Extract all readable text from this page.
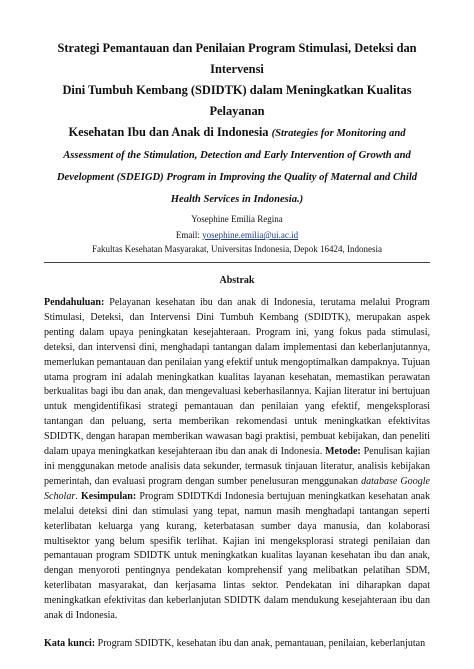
Strategi Pemantauan dan Penilaian Program Stimulasi, Deteksi dan Intervensi
Dini Tumbuh Kembang (SDIDTK) dalam Meningkatkan Kualitas Pelayanan
Kesehatan Ibu dan Anak di Indonesia (Strategies for Monitoring and Assessment of the Stimulation, Detection and Early Intervention of Growth and Development (SDEIGD) Program in Improving the Quality of Maternal and Child Health Services in Indonesia.)
Yosephine Emilia Regina
Email: yosephine.emilia@ui.ac.id
Fakultas Kesehatan Masyarakat, Universitas Indonesia, Depok 16424, Indonesia
Abstrak

Pendahuluan: Pelayanan kesehatan ibu dan anak di Indonesia, terutama melalui Program Stimulasi, Deteksi, dan Intervensi Dini Tumbuh Kembang (SDIDTK), merupakan aspek penting dalam upaya peningkatan kesejahteraan. Program ini, yang fokus pada stimulasi, deteksi, dan intervensi dini, menghadapi tantangan dalam implementasi dan keberlanjutannya, memerlukan pemantauan dan penilaian yang efektif untuk mengoptimalkan dampaknya. Tujuan utama program ini adalah meningkatkan kualitas layanan kesehatan, memastikan perawatan berkualitas bagi ibu dan anak, dan mengevaluasi keberhasilannya. Kajian literatur ini bertujuan untuk mengidentifikasi strategi pemantauan dan penilaian yang efektif, mengeksplorasi tantangan dan peluang, serta memberikan rekomendasi untuk meningkatkan efektivitas SDIDTK, dengan harapan memberikan wawasan bagi praktisi, pembuat kebijakan, dan peneliti dalam upaya meningkatkan kesejahteraan ibu dan anak di Indonesia. Metode: Penulisan kajian ini menggunakan metode analisis data sekunder, termasuk tinjauan literatur, analisis kebijakan pemerintah, dan evaluasi program dengan sumber penelusuran menggunakan database Google Scholar. Kesimpulan: Program SDIDTKdi Indonesia bertujuan meningkatkan kesehatan anak melalui deteksi dini dan stimulasi yang tepat, namun masih menghadapi tantangan seperti keterlibatan keluarga yang kurang, keterbatasan sumber daya manusia, dan kolaborasi multisektor yang belum spesifik terlihat. Kajian ini mengeksplorasi strategi penilaian dan pemantauan program SDIDTK untuk meningkatkan kualitas layanan kesehatan ibu dan anak, dengan menyoroti pentingnya pendekatan komprehensif yang melibatkan pelatihan SDM, keterlibatan masyarakat, dan kerjasama lintas sektor. Pendekatan ini diharapkan dapat meningkatkan efektivitas dan keberlanjutan SDIDTK dalam mendukung kesejahteraan ibu dan anak di Indonesia.

Kata kunci: Program SDIDTK, kesehatan ibu dan anak, pemantauan, penilaian, keberlanjutan
